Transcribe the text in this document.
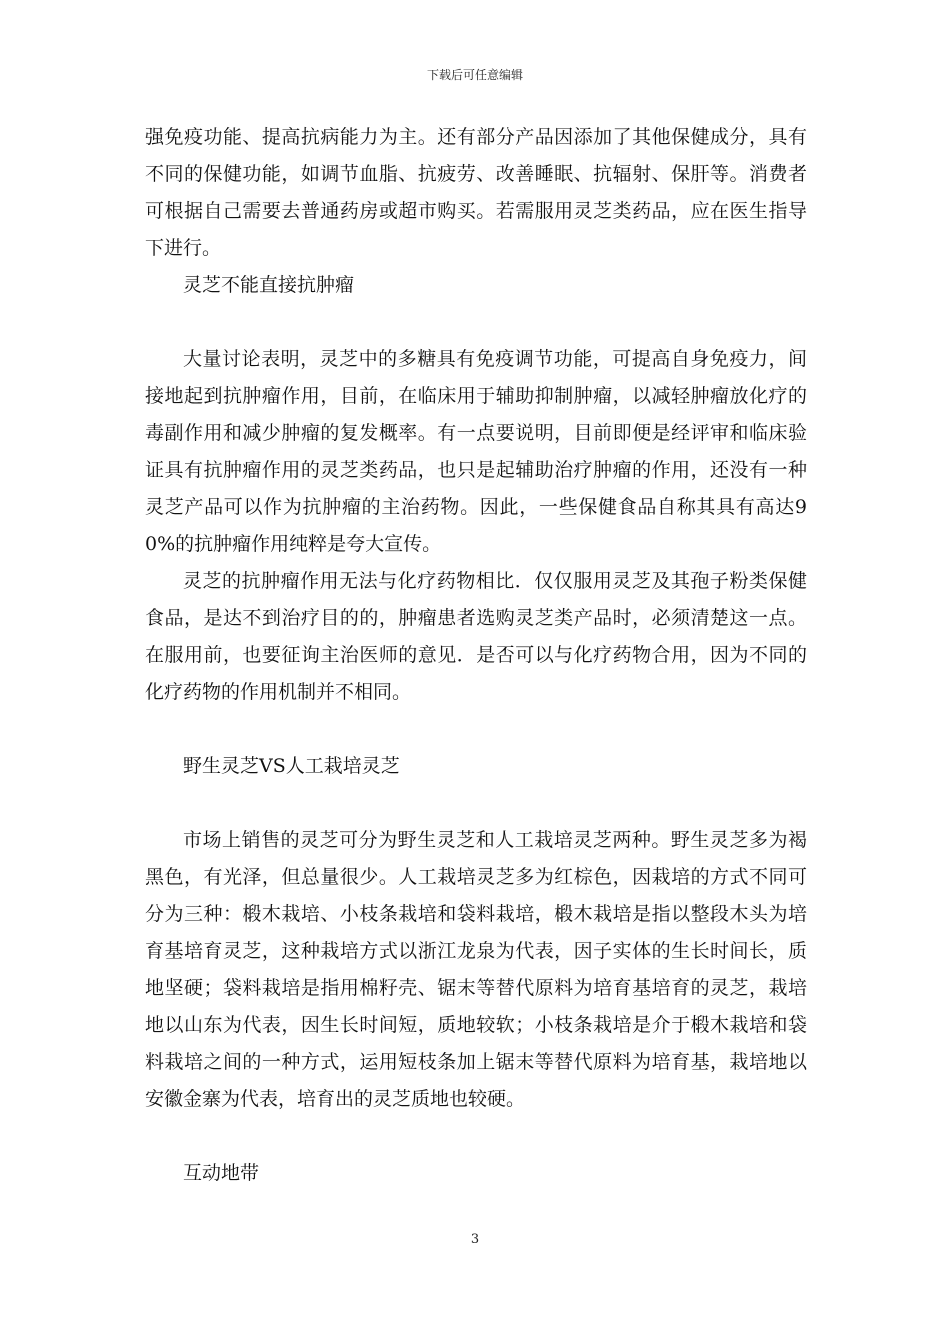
下载后可任意编辑

强免疫功能、提高抗病能力为主。还有部分产品因添加了其他保健成分，具有不同的保健功能，如调节血脂、抗疲劳、改善睡眠、抗辐射、保肝等。消费者可根据自己需要去普通药房或超市购买。若需服用灵芝类药品，应在医生指导下进行。

灵芝不能直接抗肿瘤

大量讨论表明，灵芝中的多糖具有免疫调节功能，可提高自身免疫力，间接地起到抗肿瘤作用，目前，在临床用于辅助抑制肿瘤，以减轻肿瘤放化疗的毒副作用和减少肿瘤的复发概率。有一点要说明，目前即便是经评审和临床验证具有抗肿瘤作用的灵芝类药品，也只是起辅助治疗肿瘤的作用，还没有一种灵芝产品可以作为抗肿瘤的主治药物。因此，一些保健食品自称其具有高达90%的抗肿瘤作用纯粹是夸大宣传。

灵芝的抗肿瘤作用无法与化疗药物相比．仅仅服用灵芝及其孢子粉类保健食品，是达不到治疗目的的，肿瘤患者选购灵芝类产品时，必须清楚这一点。在服用前，也要征询主治医师的意见．是否可以与化疗药物合用，因为不同的化疗药物的作用机制并不相同。

野生灵芝VS人工栽培灵芝

市场上销售的灵芝可分为野生灵芝和人工栽培灵芝两种。野生灵芝多为褐黑色，有光泽，但总量很少。人工栽培灵芝多为红棕色，因栽培的方式不同可分为三种：椴木栽培、小枝条栽培和袋料栽培，椴木栽培是指以整段木头为培育基培育灵芝，这种栽培方式以浙江龙泉为代表，因子实体的生长时间长，质地坚硬；袋料栽培是指用棉籽壳、锯末等替代原料为培育基培育的灵芝，栽培地以山东为代表，因生长时间短，质地较软；小枝条栽培是介于椴木栽培和袋料栽培之间的一种方式，运用短枝条加上锯末等替代原料为培育基，栽培地以安徽金寨为代表，培育出的灵芝质地也较硬。

互动地带

3
